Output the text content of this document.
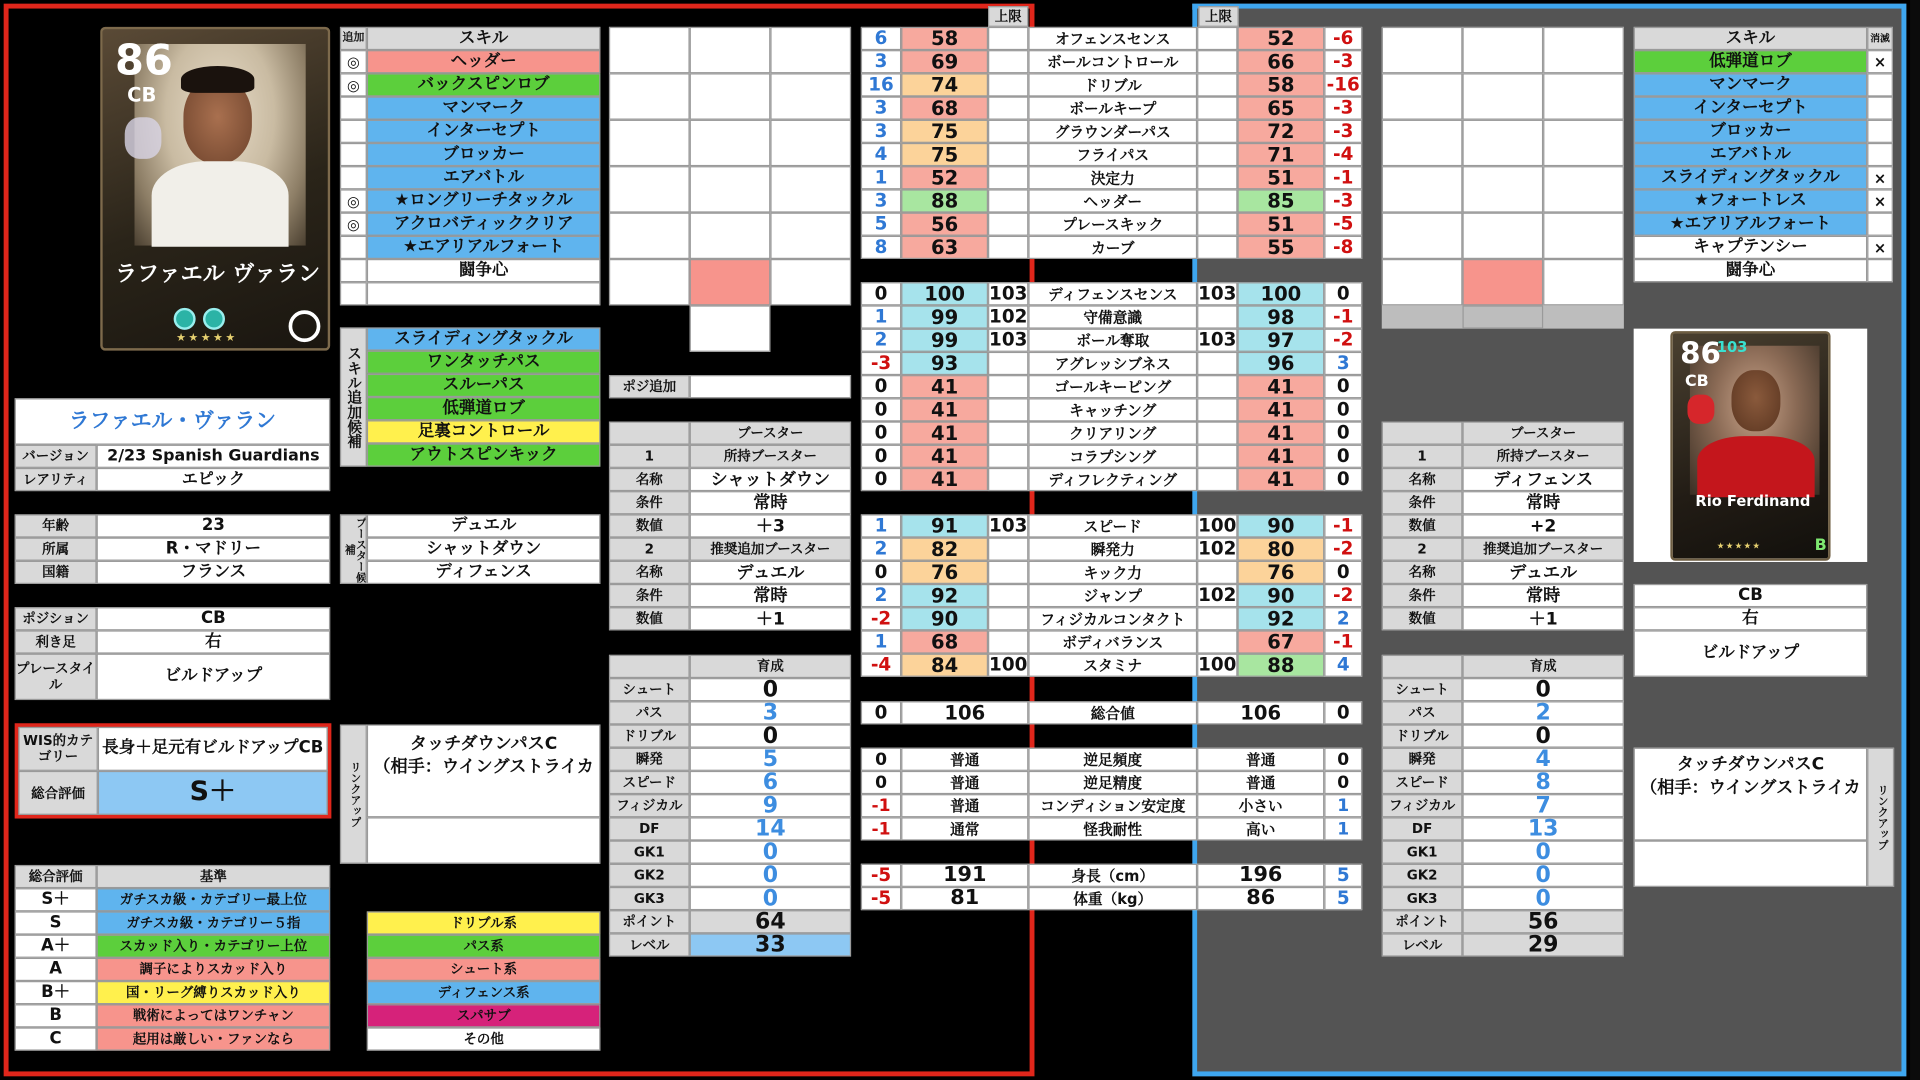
86
CB
ラファエル ヴァラン
★★★★★
ラファエル・ヴァラン
バージョン	2/23 Spanish Guardians
レアリティ	エピック
年齢	23
所属	R・マドリー
国籍	フランス
ポジション	CB
利き足	右
プレースタイル	ビルドアップ
WIS的カテゴリー	長身＋足元有ビルドアップCB
総合評価	S＋
総合評価	基準
S＋	ガチスカ級・カテゴリー最上位
S	ガチスカ級・カテゴリー５指
A＋	スカッド入り・カテゴリー上位
A	調子によりスカッド入り
B＋	国・リーグ縛りスカッド入り
B	戦術によってはワンチャン
C	起用は厳しい・ファンなら
追加	スキル
◎	ヘッダー
◎	バックスピンロブ
マンマーク
インターセプト
ブロッカー
エアバトル
◎	★ロングリーチタックル
◎	アクロバティッククリア
★エアリアルフォート
闘争心
スキル追加候補
スライディングタックル
ワンタッチパス
スルーパス
低弾道ロブ
足裏コントロール
アウトスピンキック
ブースター候補
デュエル
シャットダウン
ディフェンス
リンクアップ
タッチダウンパスC
（相手：ウイングストライカ
ドリブル系
パス系
シュート系
ディフェンス系
スパサブ
その他
ポジ追加
ブースター
1	所持ブースター
名称	シャットダウン
条件	常時
数値	＋3
2	推奨追加ブースター
名称	デュエル
条件	常時
数値	＋1
育成
シュート	0
パス	3
ドリブル	0
瞬発	5
スピード	6
フィジカル	9
DF	14
GK1	0
GK2	0
GK3	0
ポイント	64
レベル	33
上限	上限
6	58	オフェンスセンス	52	-6
3	69	ボールコントロール	66	-3
16	74	ドリブル	58	-16
3	68	ボールキープ	65	-3
3	75	グラウンダーパス	72	-3
4	75	フライパス	71	-4
1	52	決定力	51	-1
3	88	ヘッダー	85	-3
5	56	プレースキック	51	-5
8	63	カーブ	55	-8
0	100	103	ディフェンスセンス	103	100	0
1	99	102	守備意識	98	-1
2	99	103	ボール奪取	103	97	-2
-3	93	アグレッシブネス	96	3
0	41	ゴールキーピング	41	0
0	41	キャッチング	41	0
0	41	クリアリング	41	0
0	41	コラプシング	41	0
0	41	ディフレクティング	41	0
1	91	103	スピード	100	90	-1
2	82	瞬発力	102	80	-2
0	76	キック力	76	0
2	92	ジャンプ	102	90	-2
-2	90	フィジカルコンタクト	92	2
1	68	ボディバランス	67	-1
-4	84	100	スタミナ	100	88	4
0	106	総合値	106	0
0	普通	逆足頻度	普通	0
0	普通	逆足精度	普通	0
-1	普通	コンディション安定度	小さい	1
-1	通常	怪我耐性	高い	1
-5	191	身長（cm）	196	5
-5	81	体重（kg）	86	5
ブースター
1	所持ブースター
名称	ディフェンス
条件	常時
数値	+2
2	推奨追加ブースター
名称	デュエル
条件	常時
数値	＋1
育成
シュート	0
パス	2
ドリブル	0
瞬発	4
スピード	8
フィジカル	7
DF	13
GK1	0
GK2	0
GK3	0
ポイント	56
レベル	29
スキル	消滅
低弾道ロブ	×
マンマーク
インターセプト
ブロッカー
エアバトル
スライディングタックル	×
★フォートレス	×
★エアリアルフォート
キャプテンシー	×
闘争心
86
103
CB
Rio Ferdinand
★★★★★	B
CB
右
ビルドアップ
タッチダウンパスC
（相手：ウイングストライカ リンクアップ
